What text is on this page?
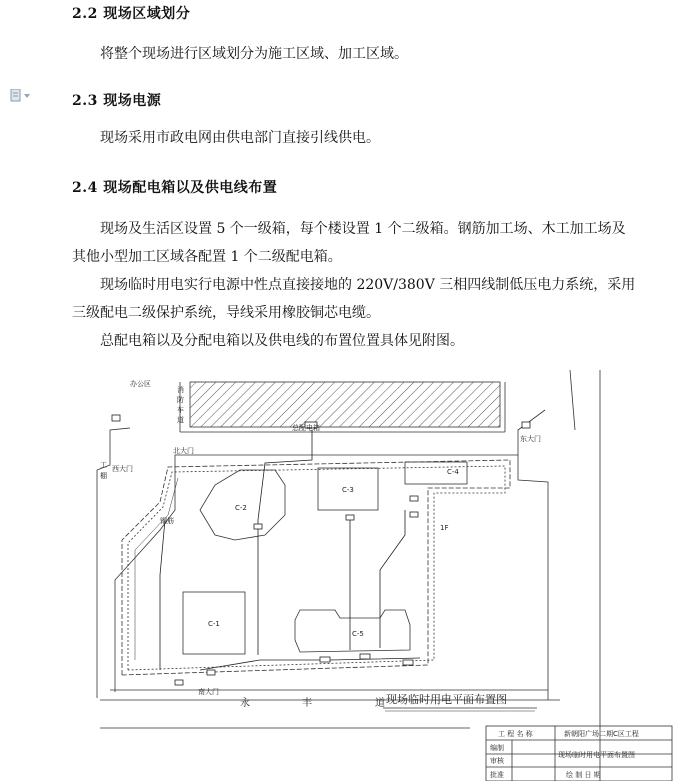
2.2 现场区域划分
将整个现场进行区域划分为施工区域、加工区域。
2.3 现场电源
现场采用市政电网由供电部门直接引线供电。
2.4 现场配电箱以及供电线布置
现场及生活区设置 5 个一级箱，每个楼设置 1 个二级箱。钢筋加工场、木工加工场及
其他小型加工区域各配置 1 个二级配电箱。
现场临时用电实行电源中性点直接接地的 220V/380V 三相四线制低压电力系统，采用
三级配电二级保护系统，导线采用橡胶铜芯电缆。
总配电箱以及分配电箱以及供电线的布置位置具体见附图。
办公区
消
防
车
道
总配电箱
北大门
东大门
西大门
工
棚
钢筋
南大门
1F
C-2
C-3
C-4
C-1
C-5
永	丰	道 现场临时用电平面布置图
工 程 名 称	新朝阳广场二期C区工程
编制
审核
批准
现场临时用电平面布置图
绘 制 日 期
